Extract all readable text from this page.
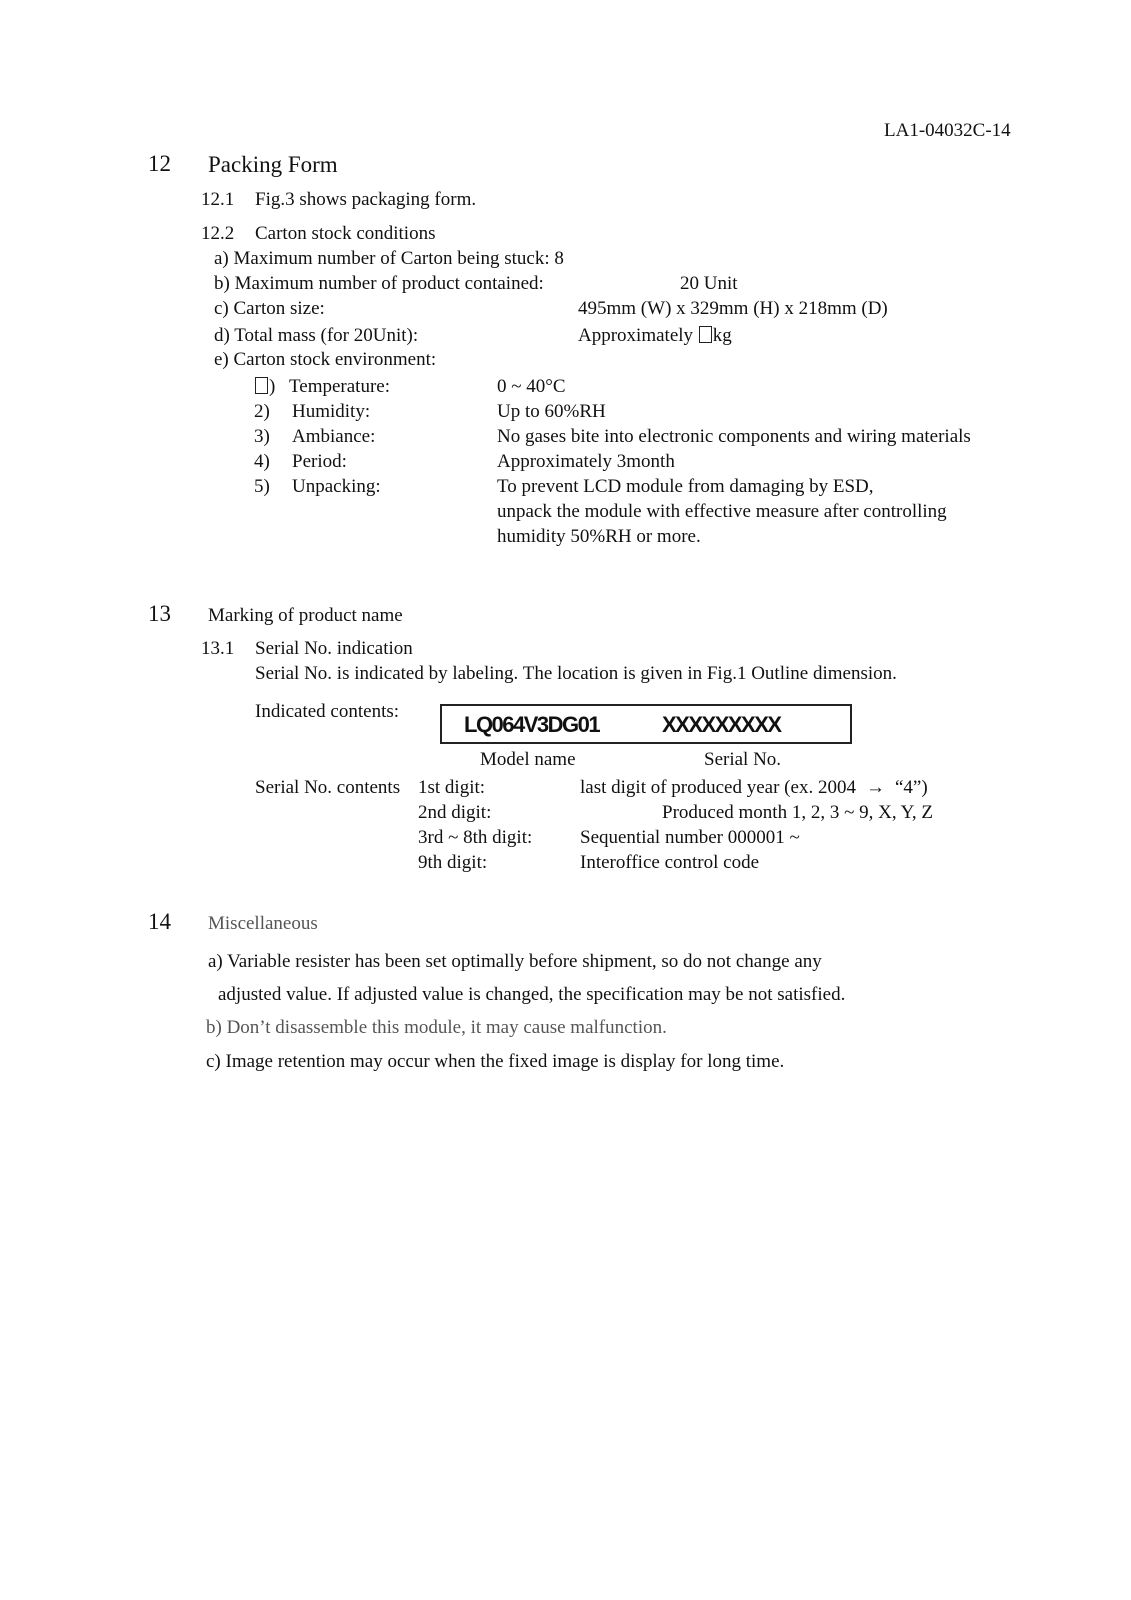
LA1-04032C-14
12 Packing Form
12.1 Fig.3 shows packaging form.
12.2 Carton stock conditions
a) Maximum number of Carton being stuck: 8
b) Maximum number of product contained:	20 Unit
c) Carton size:	495mm (W) x 329mm (H) x 218mm (D)
d) Total mass (for 20Unit):	Approximately kg
e) Carton stock environment:
) Temperature:	0 ~ 40°C
2) Humidity:	Up to 60%RH
3) Ambiance:	No gases bite into electronic components and wiring materials
4) Period:	Approximately 3month
5) Unpacking:	To prevent LCD module from damaging by ESD,
unpack the module with effective measure after controlling
humidity 50%RH or more.
13 Marking of product name
13.1 Serial No. indication
Serial No. is indicated by labeling. The location is given in Fig.1 Outline dimension.
Indicated contents:
LQ064V3DG01	XXXXXXXXX
Model name	Serial No.
Serial No. contents 1st digit:	last digit of produced year (ex. 2004 → “4”)
2nd digit:	Produced month 1, 2, 3 ~ 9, X, Y, Z
3rd ~ 8th digit:	Sequential number 000001 ~
9th digit:	Interoffice control code
14 Miscellaneous
a) Variable resister has been set optimally before shipment, so do not change any
adjusted value. If adjusted value is changed, the specification may be not satisfied.
b) Don’t disassemble this module, it may cause malfunction.
c) Image retention may occur when the fixed image is display for long time.
